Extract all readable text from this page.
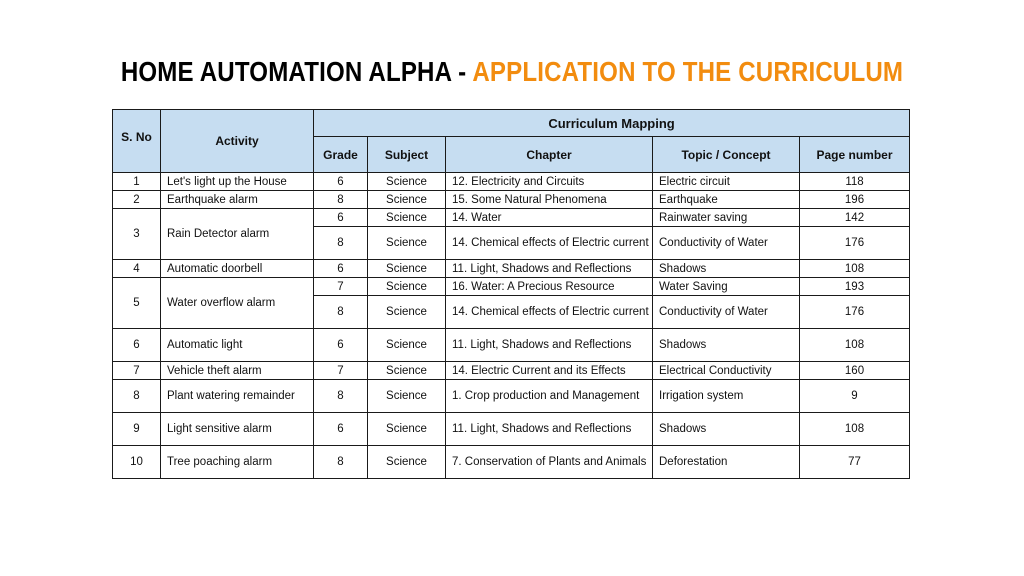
HOME AUTOMATION ALPHA - APPLICATION TO THE CURRICULUM
S. No	Activity	Curriculum Mapping				
		Grade	Subject	Chapter	Topic / Concept	Page number
1	Let's light up the House	6	Science	12. Electricity and Circuits	Electric circuit	118
2	Earthquake alarm	8	Science	15. Some Natural Phenomena	Earthquake	196
3	Rain Detector alarm	6	Science	14. Water	Rainwater saving	142
		8	Science	14. Chemical effects of Electric current	Conductivity of Water	176
4	Automatic doorbell	6	Science	11. Light, Shadows and Reflections	Shadows	108
5	Water overflow alarm	7	Science	16. Water: A Precious Resource	Water Saving	193
		8	Science	14. Chemical effects of Electric current	Conductivity of Water	176
6	Automatic light	6	Science	11. Light, Shadows and Reflections	Shadows	108
7	Vehicle theft alarm	7	Science	14. Electric Current and its Effects	Electrical Conductivity	160
8	Plant watering remainder	8	Science	1. Crop production and Management	Irrigation system	9
9	Light sensitive alarm	6	Science	11. Light, Shadows and Reflections	Shadows	108
10	Tree poaching alarm	8	Science	7. Conservation of Plants and Animals	Deforestation	77
